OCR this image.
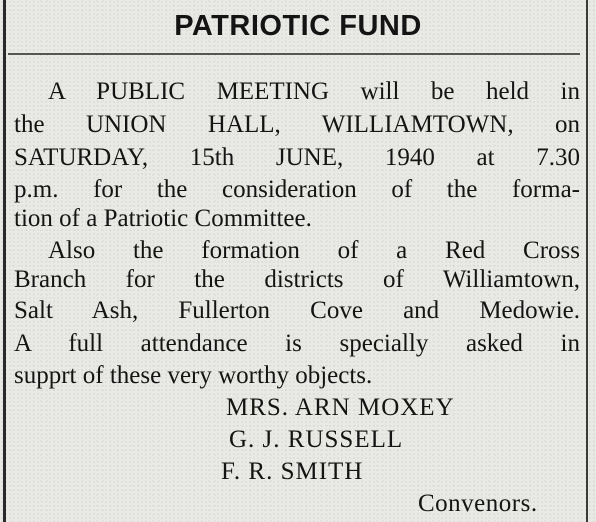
PATRIOTIC FUND

A PUBLIC MEETING will be held in

the UNION HALL, WILLIAMTOWN, on

SATURDAY, 15th JUNE, 1940 at 7.30

p.m. for the consideration of the forma-

tion of a Patriotic Committee.

Also the formation of a Red Cross

Branch for the districts of Williamtown,

Salt Ash, Fullerton Cove and Medowie.

A full attendance is specially asked in

supprt of these very worthy objects.

MRS. ARN MOXEY

G. J. RUSSELL

F. R. SMITH

Convenors.
